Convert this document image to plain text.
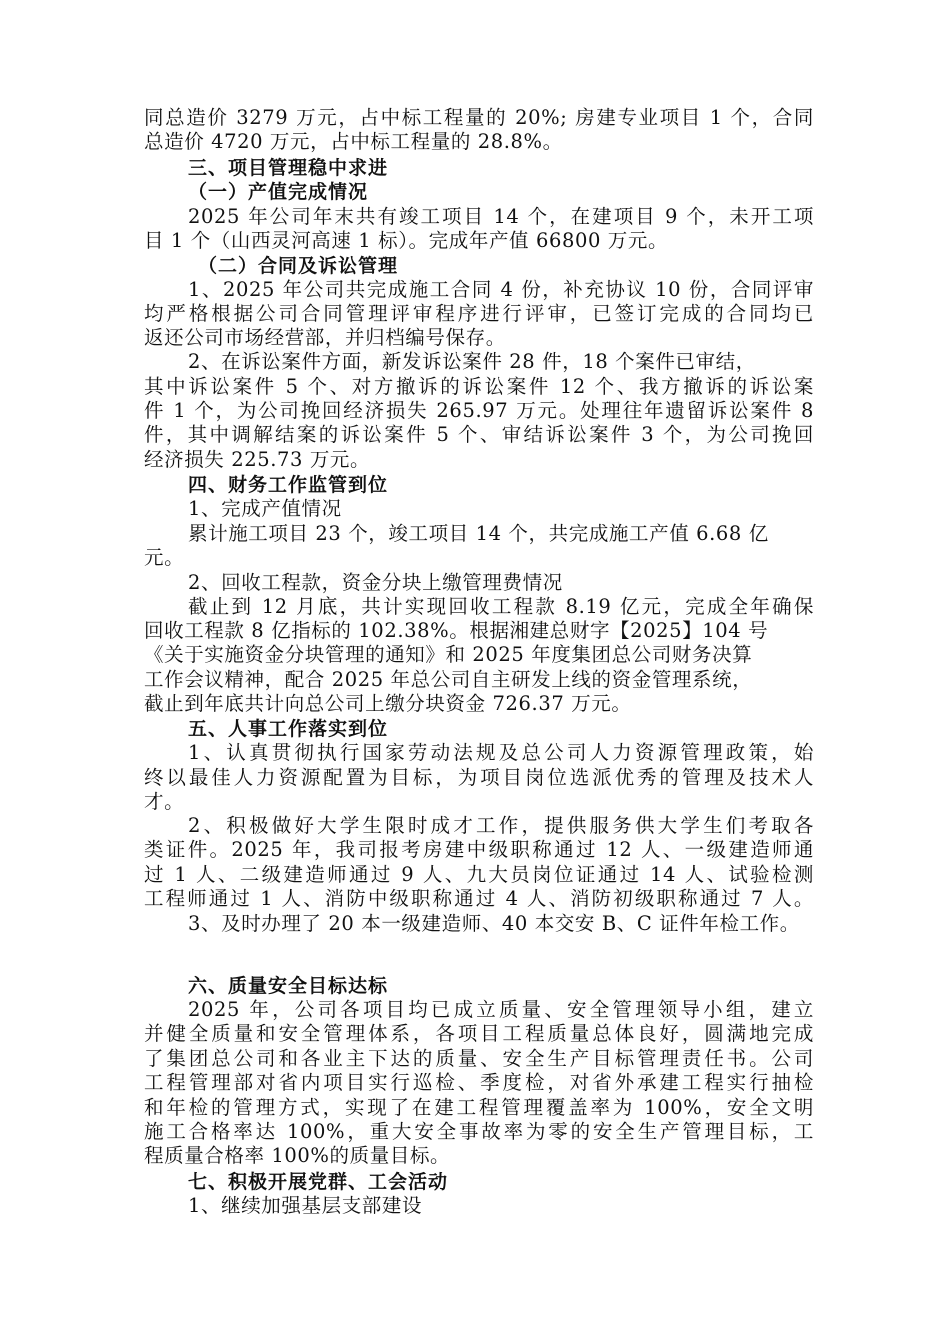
同总造价 3279 万元，占中标工程量的 20%; 房建专业项目 1 个，合同
总造价 4720 万元，占中标工程量的 28.8%。
三、项目管理稳中求进
（一）产值完成情况
2025 年公司年末共有竣工项目 14 个，在建项目 9 个，未开工项
目 1 个（山西灵河高速 1 标）。完成年产值 66800 万元。
（二）合同及诉讼管理
1、2025 年公司共完成施工合同 4 份，补充协议 10 份，合同评审
均严格根据公司合同管理评审程序进行评审，已签订完成的合同均已
返还公司市场经营部，并归档编号保存。
2、在诉讼案件方面，新发诉讼案件 28 件，18 个案件已审结，
其中诉讼案件 5 个、对方撤诉的诉讼案件 12 个、我方撤诉的诉讼案
件 1 个，为公司挽回经济损失 265.97 万元。处理往年遗留诉讼案件 8
件，其中调解结案的诉讼案件 5 个、审结诉讼案件 3 个，为公司挽回
经济损失 225.73 万元。
四、财务工作监管到位
1、完成产值情况
累计施工项目 23 个，竣工项目 14 个，共完成施工产值 6.68 亿
元。
2、回收工程款，资金分块上缴管理费情况
截止到 12 月底，共计实现回收工程款 8.19 亿元，完成全年确保
回收工程款 8 亿指标的 102.38%。根据湘建总财字【2025】104 号
《关于实施资金分块管理的通知》和 2025 年度集团总公司财务决算
工作会议精神，配合 2025 年总公司自主研发上线的资金管理系统，
截止到年底共计向总公司上缴分块资金 726.37 万元。
五、人事工作落实到位
1、认真贯彻执行国家劳动法规及总公司人力资源管理政策，始
终以最佳人力资源配置为目标，为项目岗位选派优秀的管理及技术人
才。
2、积极做好大学生限时成才工作，提供服务供大学生们考取各
类证件。2025 年，我司报考房建中级职称通过 12 人、一级建造师通
过 1 人、二级建造师通过 9 人、九大员岗位证通过 14 人、试验检测
工程师通过 1 人、消防中级职称通过 4 人、消防初级职称通过 7 人。
3、及时办理了 20 本一级建造师、40 本交安 B、C 证件年检工作。
六、质量安全目标达标
2025 年，公司各项目均已成立质量、安全管理领导小组，建立
并健全质量和安全管理体系，各项目工程质量总体良好，圆满地完成
了集团总公司和各业主下达的质量、安全生产目标管理责任书。公司
工程管理部对省内项目实行巡检、季度检，对省外承建工程实行抽检
和年检的管理方式，实现了在建工程管理覆盖率为 100%，安全文明
施工合格率达 100%，重大安全事故率为零的安全生产管理目标，工
程质量合格率 100%的质量目标。
七、积极开展党群、工会活动
1、继续加强基层支部建设
